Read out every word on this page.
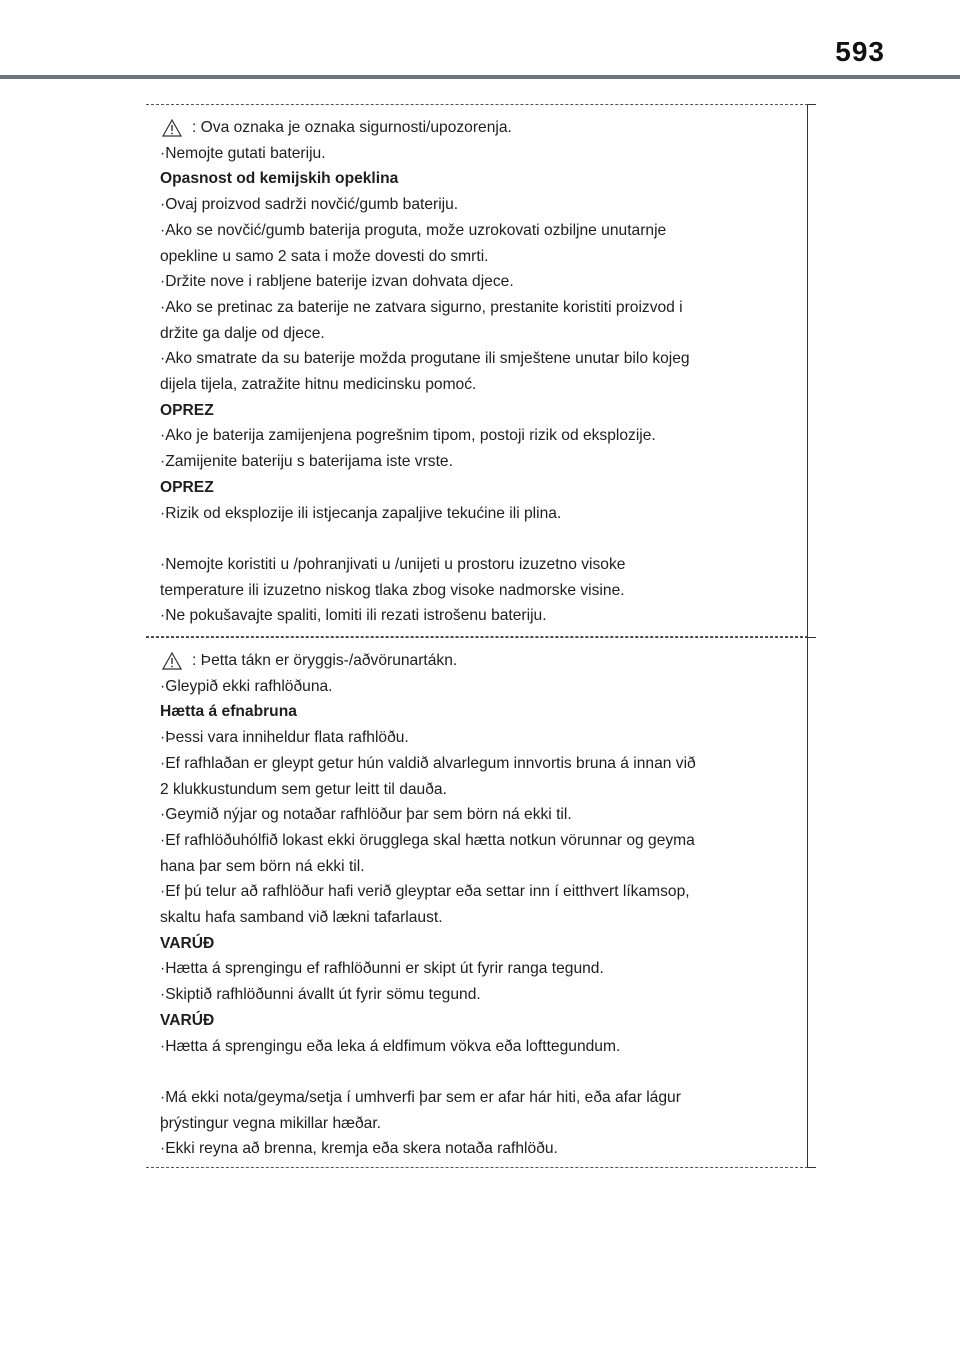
593
: Ova oznaka je oznaka sigurnosti/upozorenja.
·Nemojte gutati bateriju.
Opasnost od kemijskih opeklina
·Ovaj proizvod sadrži novčić/gumb bateriju.
·Ako se novčić/gumb baterija proguta, može uzrokovati ozbiljne unutarnje
opekline u samo 2 sata i može dovesti do smrti.
·Držite nove i rabljene baterije izvan dohvata djece.
·Ako se pretinac za baterije ne zatvara sigurno, prestanite koristiti proizvod i
držite ga dalje od djece.
·Ako smatrate da su baterije možda progutane ili smještene unutar bilo kojeg
dijela tijela, zatražite hitnu medicinsku pomoć.
OPREZ
·Ako je baterija zamijenjena pogrešnim tipom, postoji rizik od eksplozije.
·Zamijenite bateriju s baterijama iste vrste.
OPREZ
·Rizik od eksplozije ili istjecanja zapaljive tekućine ili plina.
·Nemojte koristiti u /pohranjivati u /unijeti u prostoru izuzetno visoke
temperature ili izuzetno niskog tlaka zbog visoke nadmorske visine.
·Ne pokušavajte spaliti, lomiti ili rezati istrošenu bateriju.
: Þetta tákn er öryggis-/aðvörunartákn.
·Gleypið ekki rafhlöðuna.
Hætta á efnabruna
·Þessi vara inniheldur flata rafhlöðu.
·Ef rafhlaðan er gleypt getur hún valdið alvarlegum innvortis bruna á innan við
2 klukkustundum sem getur leitt til dauða.
·Geymið nýjar og notaðar rafhlöður þar sem börn ná ekki til.
·Ef rafhlöðuhólfið lokast ekki örugglega skal hætta notkun vörunnar og geyma
hana þar sem börn ná ekki til.
·Ef þú telur að rafhlöður hafi verið gleyptar eða settar inn í eitthvert líkamsop,
skaltu hafa samband við lækni tafarlaust.
VARÚÐ
·Hætta á sprengingu ef rafhlöðunni er skipt út fyrir ranga tegund.
·Skiptið rafhlöðunni ávallt út fyrir sömu tegund.
VARÚÐ
·Hætta á sprengingu eða leka á eldfimum vökva eða lofttegundum.
·Má ekki nota/geyma/setja í umhverfi þar sem er afar hár hiti, eða afar lágur
þrýstingur vegna mikillar hæðar.
·Ekki reyna að brenna, kremja eða skera notaða rafhlöðu.
